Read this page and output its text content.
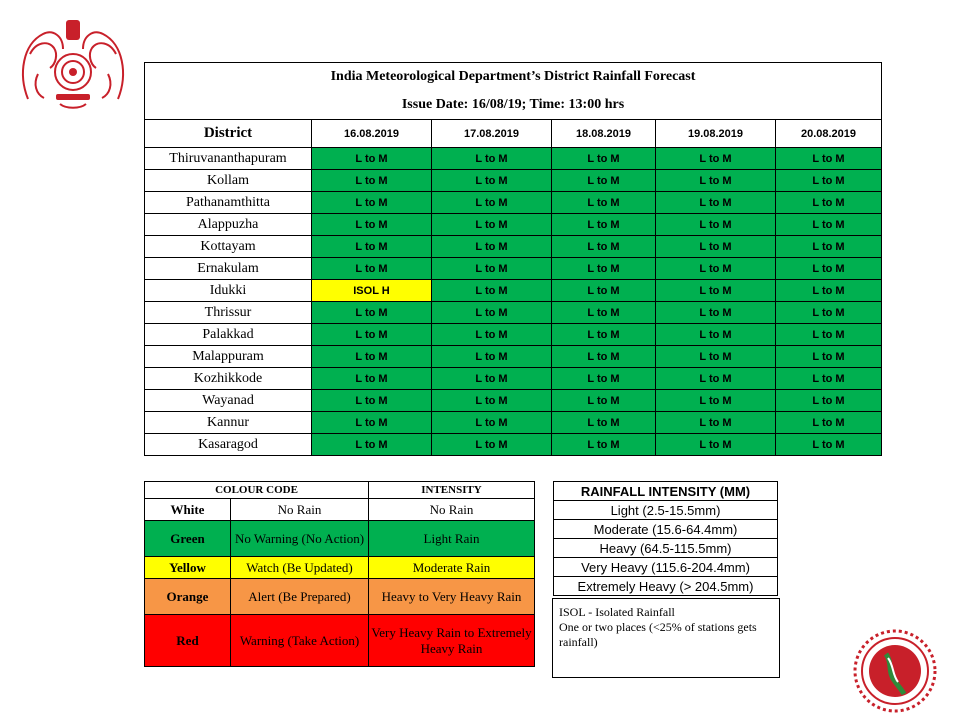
India Meteorological Department’s District Rainfall Forecast
Issue Date: 16/08/19; Time: 13:00 hrs					

District	16.08.2019	17.08.2019	18.08.2019	19.08.2019	20.08.2019
Thiruvananthapuram	L to M	L to M	L to M	L to M	L to M
Kollam	L to M	L to M	L to M	L to M	L to M
Pathanamthitta	L to M	L to M	L to M	L to M	L to M
Alappuzha	L to M	L to M	L to M	L to M	L to M
Kottayam	L to M	L to M	L to M	L to M	L to M
Ernakulam	L to M	L to M	L to M	L to M	L to M
Idukki	ISOL H	L to M	L to M	L to M	L to M
Thrissur	L to M	L to M	L to M	L to M	L to M
Palakkad	L to M	L to M	L to M	L to M	L to M
Malappuram	L to M	L to M	L to M	L to M	L to M
Kozhikkode	L to M	L to M	L to M	L to M	L to M
Wayanad	L to M	L to M	L to M	L to M	L to M
Kannur	L to M	L to M	L to M	L to M	L to M
Kasaragod	L to M	L to M	L to M	L to M	L to M
COLOUR CODE		INTENSITY
White	No Rain	No Rain
Green	No Warning (No Action)	Light Rain
Yellow	Watch (Be Updated)	Moderate Rain
Orange	Alert (Be Prepared)	Heavy to Very Heavy Rain
Red	Warning (Take Action)	Very Heavy Rain to Extremely Heavy Rain
RAINFALL INTENSITY (MM)
Light (2.5-15.5mm)
Moderate (15.6-64.4mm)
Heavy (64.5-115.5mm)
Very Heavy (115.6-204.4mm)
Extremely Heavy (> 204.5mm)
ISOL - Isolated Rainfall
One or two places (<25% of stations gets rainfall)
